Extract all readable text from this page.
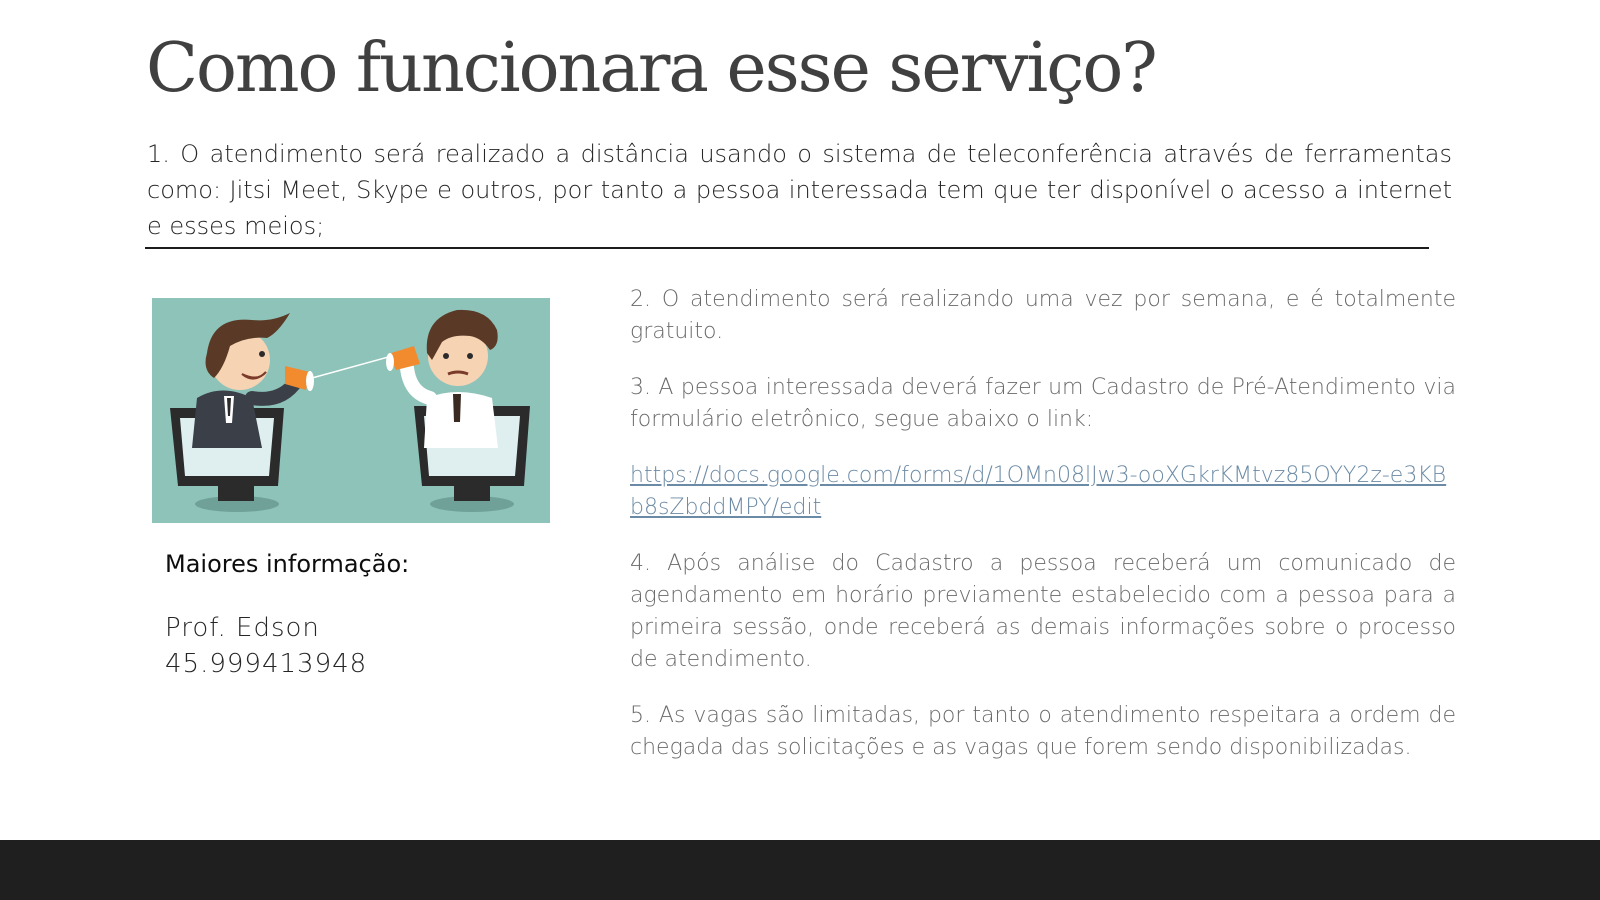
Como funcionara esse serviço?

1. O atendimento será realizado a distância usando o sistema de teleconferência através de ferramentas como: Jitsi Meet, Skype e outros, por tanto a pessoa interessada tem que ter disponível o acesso a internet e esses meios;

Maiores informação:

Prof. Edson

45.999413948

2. O atendimento será realizando uma vez por semana, e é totalmente gratuito.

3. A pessoa interessada deverá fazer um Cadastro de Pré-Atendimento via formulário eletrônico, segue abaixo o link:

https://docs.google.com/forms/d/1OMn08lJw3-ooXGkrKMtvz85OYY2z-e3KBb8sZbddMPY/edit

4. Após análise do Cadastro a pessoa receberá um comunicado de agendamento em horário previamente estabelecido com a pessoa para a primeira sessão, onde receberá as demais informações sobre o processo de atendimento.

5. As vagas são limitadas, por tanto o atendimento respeitara a ordem de chegada das solicitações e as vagas que forem sendo disponibilizadas.
